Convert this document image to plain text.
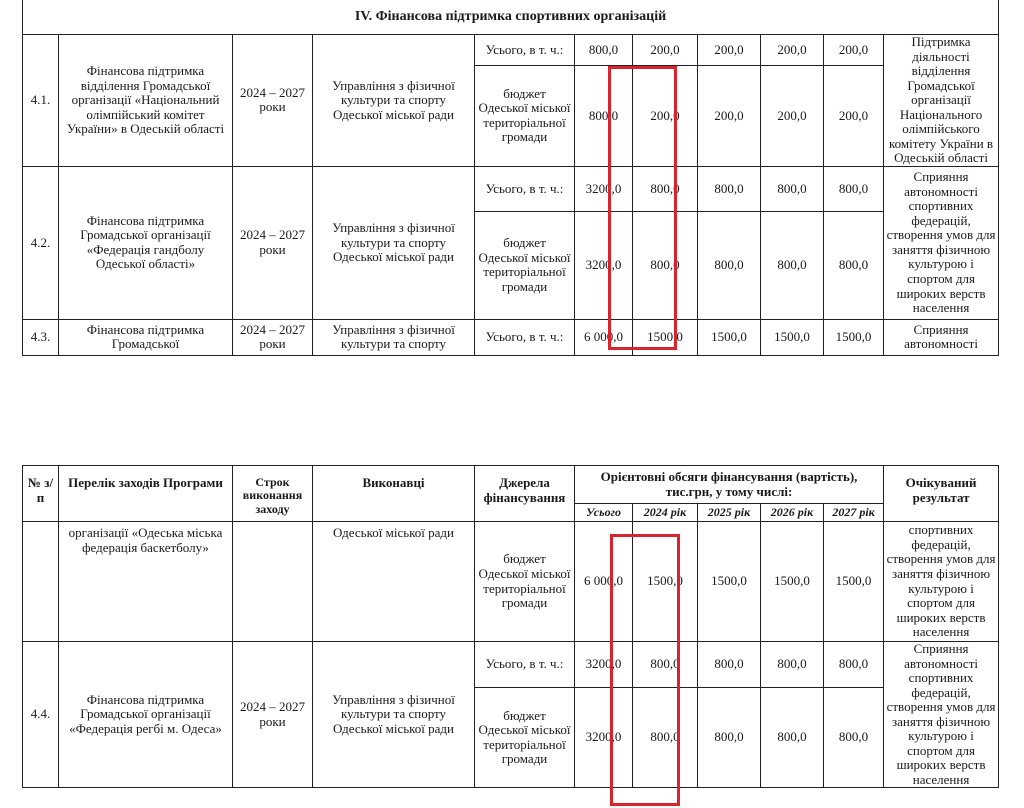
IV. Фінансова підтримка спортивних організацій										
4.1.	Фінансова підтримка відділення Громадської організації «Національний олімпійський комітет України» в Одеській області	2024 – 2027 роки	Управління з фізичної культури та спорту Одеської міської ради	Усього, в т. ч.:	800,0	200,0	200,0	200,0	200,0	Підтримка діяльності відділення Громадської організації Національного олімпійського комітету України в Одеській області
				бюджет Одеської міської територіальної громади	800,0	200,0	200,0	200,0	200,0	
4.2.	Фінансова підтримка Громадської організації «Федерація гандболу Одеської області»	2024 – 2027 роки	Управління з фізичної культури та спорту Одеської міської ради	Усього, в т. ч.:	3200,0	800,0	800,0	800,0	800,0	Сприяння автономності спортивних федерацій, створення умов для заняття фізичною культурою і спортом для широких верств населення
				бюджет Одеської міської територіальної громади	3200,0	800,0	800,0	800,0	800,0	
4.3.	Фінансова підтримка Громадської	2024 – 2027 роки	Управління з фізичної культури та спорту	Усього, в т. ч.:	6 000,0	1500,0	1500,0	1500,0	1500,0	Сприяння автономності
№ з/п	Перелік заходів Програми	Строк виконання заходу	Виконавці	Джерела фінансування	Орієнтовні обсяги фінансування (вартість), тис.грн, у тому числі:					Очікуваний результат
					Усього	2024 рік	2025 рік	2026 рік	2027 рік	
	організації «Одеська міська федерація баскетболу»		Одеської міської ради	бюджет Одеської міської територіальної громади	6 000,0	1500,0	1500,0	1500,0	1500,0	спортивних федерацій, створення умов для заняття фізичною культурою і спортом для широких верств населення
4.4.	Фінансова підтримка Громадської організації «Федерація регбі м. Одеса»	2024 – 2027 роки	Управління з фізичної культури та спорту Одеської міської ради	Усього, в т. ч.:	3200,0	800,0	800,0	800,0	800,0	Сприяння автономності спортивних федерацій, створення умов для заняття фізичною культурою і спортом для широких верств населення
				бюджет Одеської міської територіальної громади	3200,0	800,0	800,0	800,0	800,0	
